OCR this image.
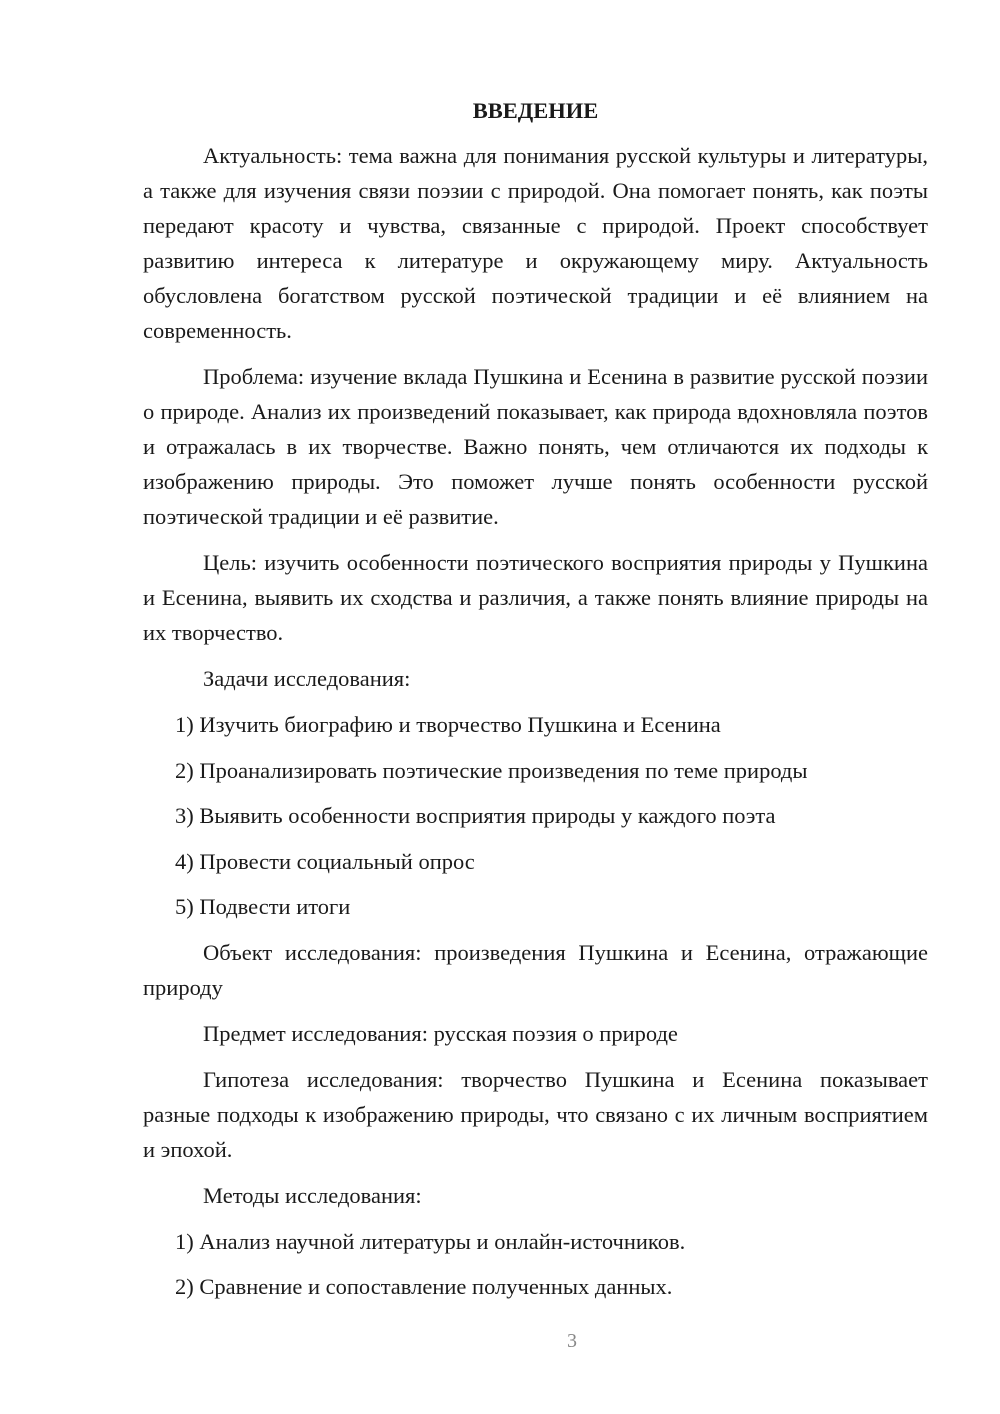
ВВЕДЕНИЕ

Актуальность: тема важна для понимания русской культуры и литературы, а также для изучения связи поэзии с природой. Она помогает понять, как поэты передают красоту и чувства, связанные с природой. Проект способствует развитию интереса к литературе и окружающему миру. Актуальность обусловлена богатством русской поэтической традиции и её влиянием на современность.

Проблема: изучение вклада Пушкина и Есенина в развитие русской поэзии о природе. Анализ их произведений показывает, как природа вдохновляла поэтов и отражалась в их творчестве. Важно понять, чем отличаются их подходы к изображению природы. Это поможет лучше понять особенности русской поэтической традиции и её развитие.

Цель: изучить особенности поэтического восприятия природы у Пушкина и Есенина, выявить их сходства и различия, а также понять влияние природы на их творчество.

Задачи исследования:
1) Изучить биографию и творчество Пушкина и Есенина
2) Проанализировать поэтические произведения по теме природы
3) Выявить особенности восприятия природы у каждого поэта
4) Провести социальный опрос
5) Подвести итоги

Объект исследования: произведения Пушкина и Есенина, отражающие природу

Предмет исследования: русская поэзия о природе

Гипотеза исследования: творчество Пушкина и Есенина показывает разные подходы к изображению природы, что связано с их личным восприятием и эпохой.

Методы исследования:
1) Анализ научной литературы и онлайн-источников.
2) Сравнение и сопоставление полученных данных.
3
